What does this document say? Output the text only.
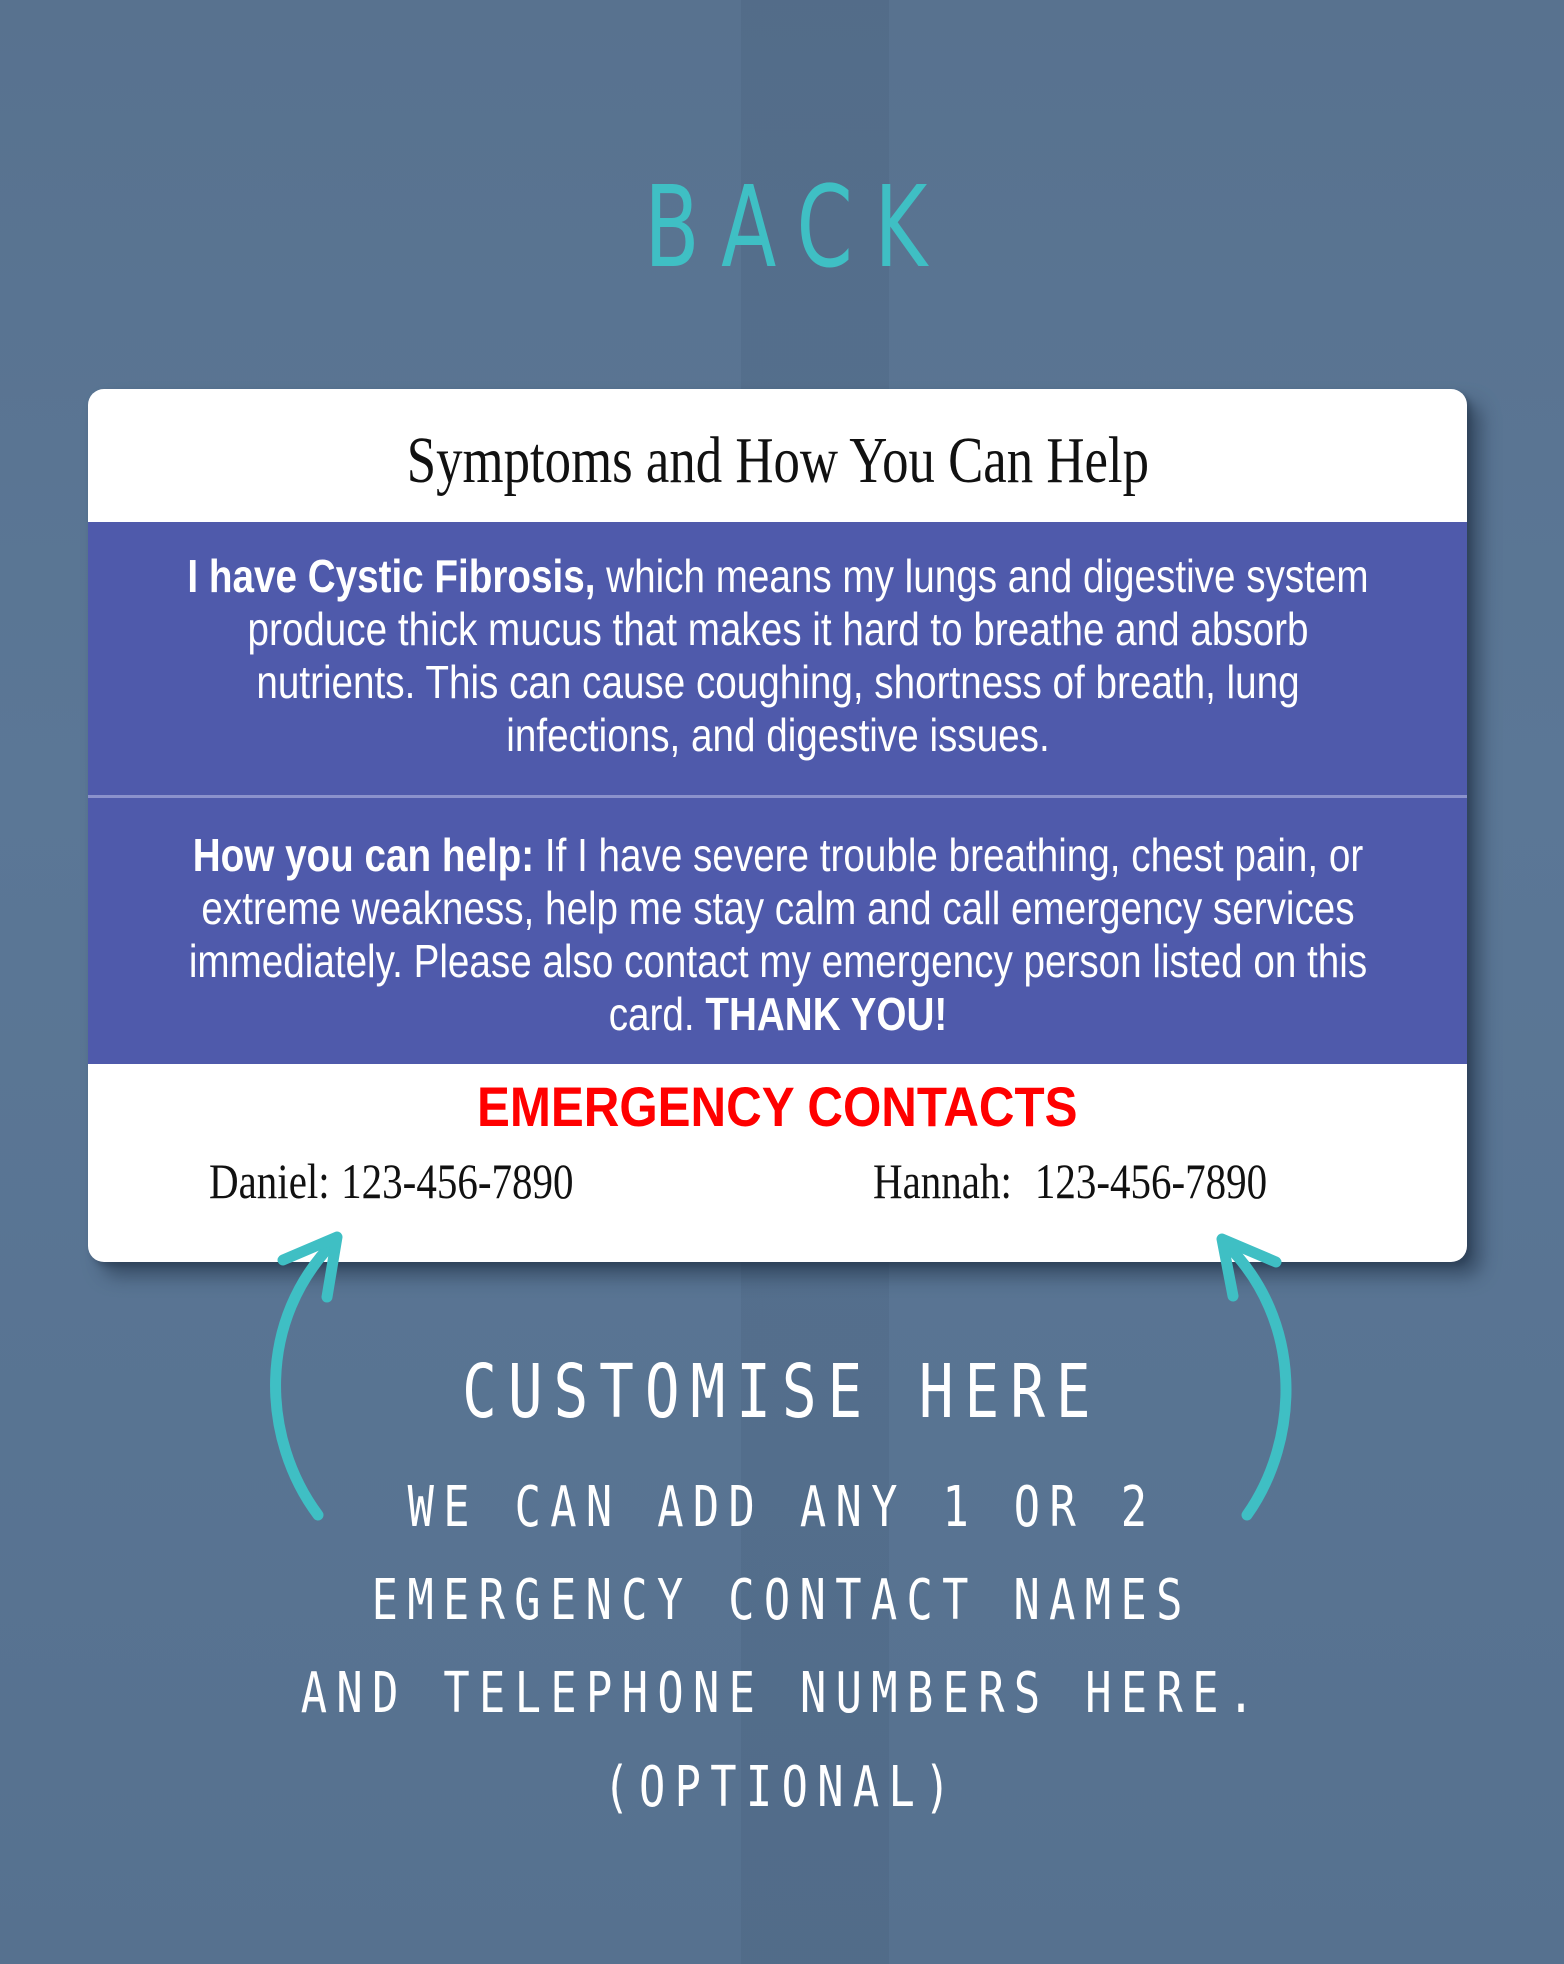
BACK
Symptoms and How You Can Help
I have Cystic Fibrosis, which means my lungs and digestive system produce thick mucus that makes it hard to breathe and absorb nutrients. This can cause coughing, shortness of breath, lung infections, and digestive issues.
How you can help: If I have severe trouble breathing, chest pain, or extreme weakness, help me stay calm and call emergency services immediately. Please also contact my emergency person listed on this card. THANK YOU!
EMERGENCY CONTACTS
Daniel: 123-456-7890	Hannah: 123-456-7890
CUSTOMISE HERE
WE CAN ADD ANY 1 OR 2
EMERGENCY CONTACT NAMES
AND TELEPHONE NUMBERS HERE.
(OPTIONAL)
